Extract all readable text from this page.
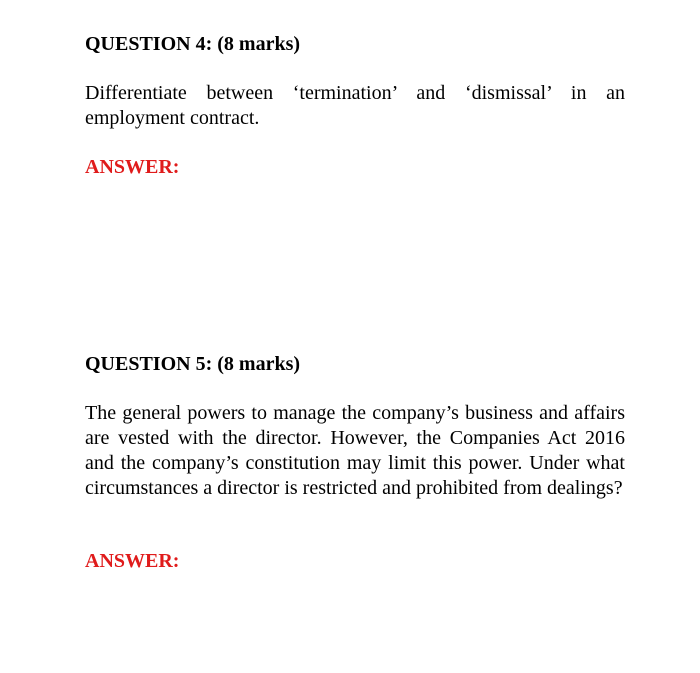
QUESTION 4: (8 marks)

Differentiate between ‘termination’ and ‘dismissal’ in an employment contract.

ANSWER:
QUESTION 5: (8 marks)

The general powers to manage the company’s business and affairs are vested with the director. However, the Companies Act 2016 and the company’s constitution may limit this power. Under what circumstances a director is restricted and prohibited from dealings?

ANSWER:
